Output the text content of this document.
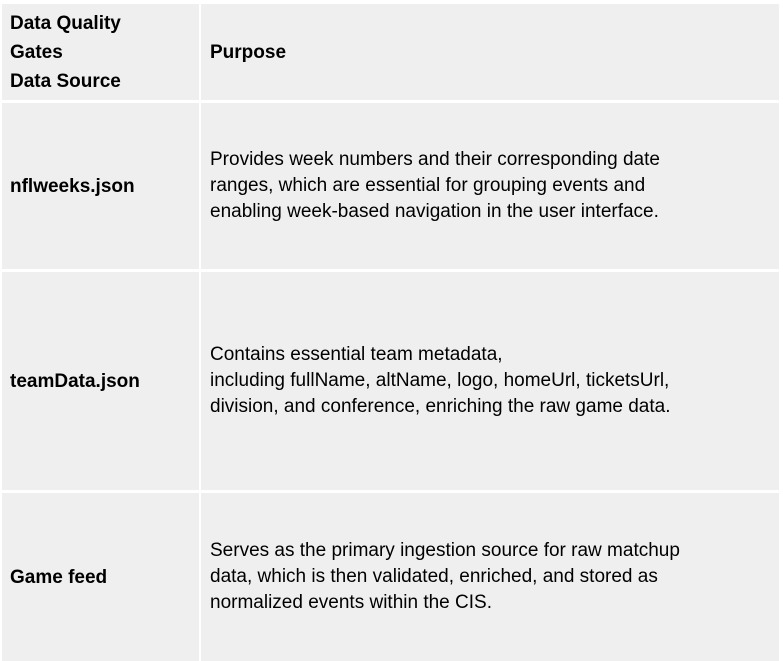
Data Quality
Gates
Data Source
Purpose
nflweeks.json
Provides week numbers and their corresponding date
ranges, which are essential for grouping events and
enabling week-based navigation in the user interface.
teamData.json
Contains essential team metadata,
including fullName, altName, logo, homeUrl, ticketsUrl,
division, and conference, enriching the raw game data.
Game feed
Serves as the primary ingestion source for raw matchup
data, which is then validated, enriched, and stored as
normalized events within the CIS.
